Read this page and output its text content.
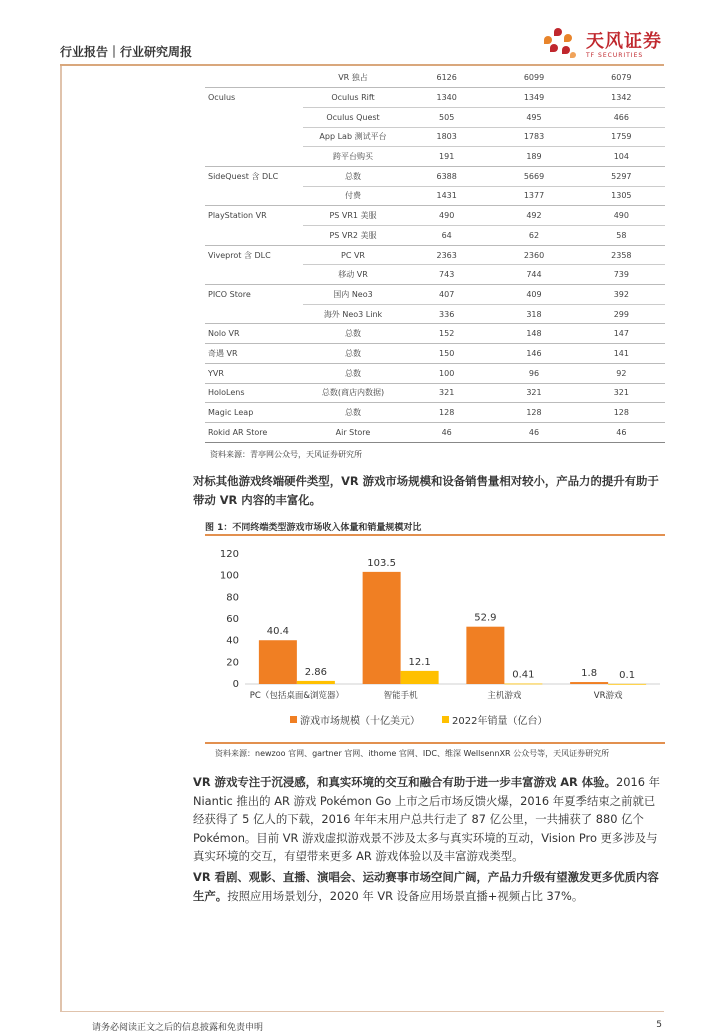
行业报告｜行业研究周报	天风证券
TF SECURITIES
	VR 独占	6126	6099	6079
Oculus	Oculus Rift	1340	1349	1342
	Oculus Quest	505	495	466
	App Lab 测试平台	1803	1783	1759
	跨平台购买	191	189	104
SideQuest 含 DLC	总数	6388	5669	5297
	付费	1431	1377	1305
PlayStation VR	PS VR1 美服	490	492	490
	PS VR2 美服	64	62	58
Viveprot 含 DLC	PC VR	2363	2360	2358
	移动 VR	743	744	739
PICO Store	国内 Neo3	407	409	392
	海外 Neo3 Link	336	318	299
Nolo VR	总数	152	148	147
奇遇 VR	总数	150	146	141
YVR	总数	100	96	92
HoloLens	总数(商店内数据)	321	321	321
Magic Leap	总数	128	128	128
Rokid AR Store	Air Store	46	46	46
资料来源：青亭网公众号，天风证券研究所
对标其他游戏终端硬件类型，VR 游戏市场规模和设备销售量相对较小，产品力的提升有助于带动 VR 内容的丰富化。
图 1：不同终端类型游戏市场收入体量和销量规模对比
0
20
40
60
80
100
120
40.4
2.86
PC（包括桌面&浏览器）
103.5
12.1
智能手机
52.9
0.41
主机游戏
1.8 0.1
VR游戏
游戏市场规模（十亿美元）	2022年销量（亿台）
资料来源：newzoo 官网、gartner 官网、ithome 官网、IDC、维深 WellsennXR 公众号等，天风证券研究所
VR 游戏专注于沉浸感，和真实环境的交互和融合有助于进一步丰富游戏 AR 体验。2016 年 Niantic 推出的 AR 游戏 Pokémon Go 上市之后市场反馈火爆，2016 年夏季结束之前就已经获得了 5 亿人的下载，2016 年年末用户总共行走了 87 亿公里，一共捕获了 880 亿个 Pokémon。目前 VR 游戏虚拟游戏景不涉及太多与真实环境的互动，Vision Pro 更多涉及与真实环境的交互，有望带来更多 AR 游戏体验以及丰富游戏类型。
VR 看剧、观影、直播、演唱会、运动赛事市场空间广阔，产品力升级有望激发更多优质内容生产。按照应用场景划分，2020 年 VR 设备应用场景直播+视频占比 37%。
请务必阅读正文之后的信息披露和免责申明	5
